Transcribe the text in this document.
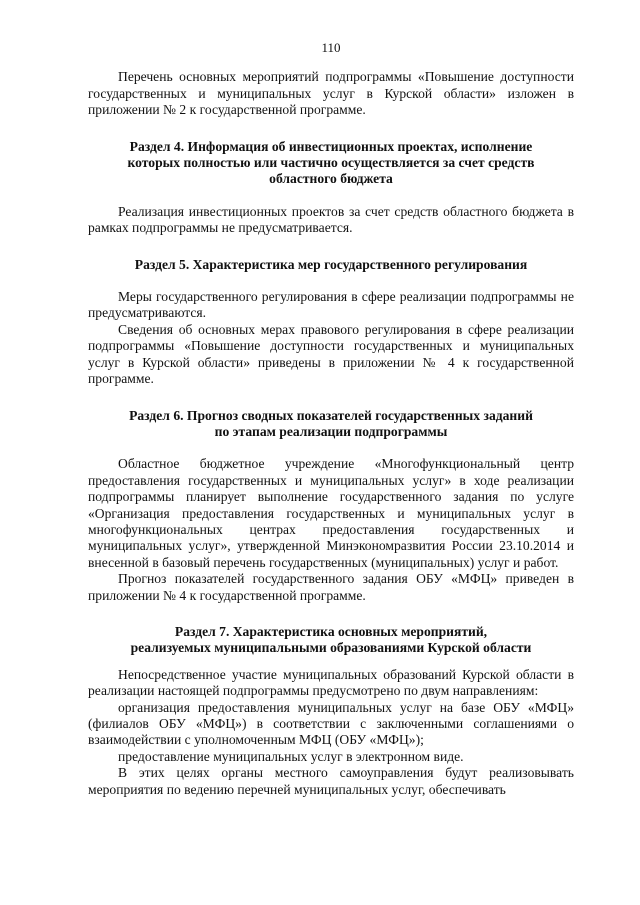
110

Перечень основных мероприятий подпрограммы «Повышение доступности государственных и муниципальных услуг в Курской области» изложен в приложении № 2 к государственной программе.

Раздел 4. Информация об инвестиционных проектах, исполнение
которых полностью или частично осуществляется за счет средств
областного бюджета

Реализация инвестиционных проектов за счет средств областного бюджета в рамках подпрограммы не предусматривается.

Раздел 5. Характеристика мер государственного регулирования

Меры государственного регулирования в сфере реализации подпрограммы не предусматриваются.

Сведения об основных мерах правового регулирования в сфере реализации подпрограммы «Повышение доступности государственных и муниципальных услуг в Курской области» приведены в приложении № 4 к государственной программе.

Раздел 6. Прогноз сводных показателей государственных заданий
по этапам реализации подпрограммы

Областное бюджетное учреждение «Многофункциональный центр предоставления государственных и муниципальных услуг» в ходе реализации подпрограммы планирует выполнение государственного задания по услуге «Организация предоставления государственных и муниципальных услуг в многофункциональных центрах предоставления государственных и муниципальных услуг», утвержденной Минэкономразвития России 23.10.2014 и внесенной в базовый перечень государственных (муниципальных) услуг и работ.

Прогноз показателей государственного задания ОБУ «МФЦ» приведен в приложении № 4 к государственной программе.

Раздел 7. Характеристика основных мероприятий,
реализуемых муниципальными образованиями Курской области

Непосредственное участие муниципальных образований Курской области в реализации настоящей подпрограммы предусмотрено по двум направлениям:

организация предоставления муниципальных услуг на базе ОБУ «МФЦ» (филиалов ОБУ «МФЦ») в соответствии с заключенными соглашениями о взаимодействии с уполномоченным МФЦ (ОБУ «МФЦ»);

предоставление муниципальных услуг в электронном виде.

В этих целях органы местного самоуправления будут реализовывать мероприятия по ведению перечней муниципальных услуг, обеспечивать
